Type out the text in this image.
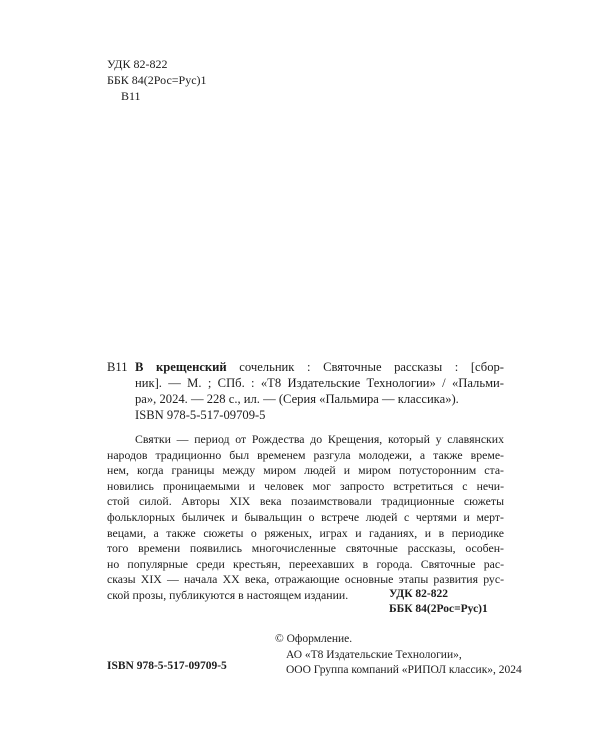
УДК 82-822
ББК 84(2Рос=Рус)1
В11
В11 В крещенский сочельник : Святочные рассказы : [сбор-
ник]. — М. ; СПб. : «Т8 Издательские Технологии» / «Пальми-
ра», 2024. — 228 с., ил. — (Серия «Пальмира — классика»).
ISBN 978-5-517-09709-5
Святки — период от Рождества до Крещения, который у славянских
народов традиционно был временем разгула молодежи, а также време-
нем, когда границы между миром людей и миром потусторонним ста-
новились проницаемыми и человек мог запросто встретиться с нечи-
стой силой. Авторы XIX века позаимствовали традиционные сюжеты
фольклорных быличек и бывальщин о встрече людей с чертями и мерт-
вецами, а также сюжеты о ряженых, играх и гаданиях, и в периодике
того времени появились многочисленные святочные рассказы, особен-
но популярные среди крестьян, переехавших в города. Святочные рас-
сказы XIX — начала XX века, отражающие основные этапы развития рус-
ской прозы, публикуются в настоящем издании.	УДК 82-822
ББК 84(2Рос=Рус)1
© Оформление.
АО «Т8 Издательские Технологии»,
ООО Группа компаний «РИПОЛ классик», 2024
ISBN 978-5-517-09709-5
